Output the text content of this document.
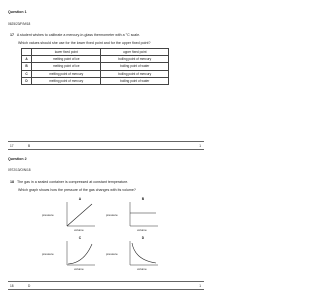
Question 1
0625/23/F/M/18
17 A student wishes to calibrate a mercury-in-glass thermometer with a °C scale.
Which values should she use for the lower fixed point and for the upper fixed point?
	lower fixed point	upper fixed point
A	melting point of ice	boiling point of mercury
B	melting point of ice	boiling point of water
C	melting point of mercury	boiling point of mercury
D	melting point of mercury	boiling point of water
17	B	1
Question 2
0972/13/O/N/18
18 The gas in a sealed container is compressed at constant temperature.
Which graph shows how the pressure of the gas changes with its volume?
A
pressure
volume
B
pressure
volume
C
pressure
volume
D
pressure
volume
18	D	1
